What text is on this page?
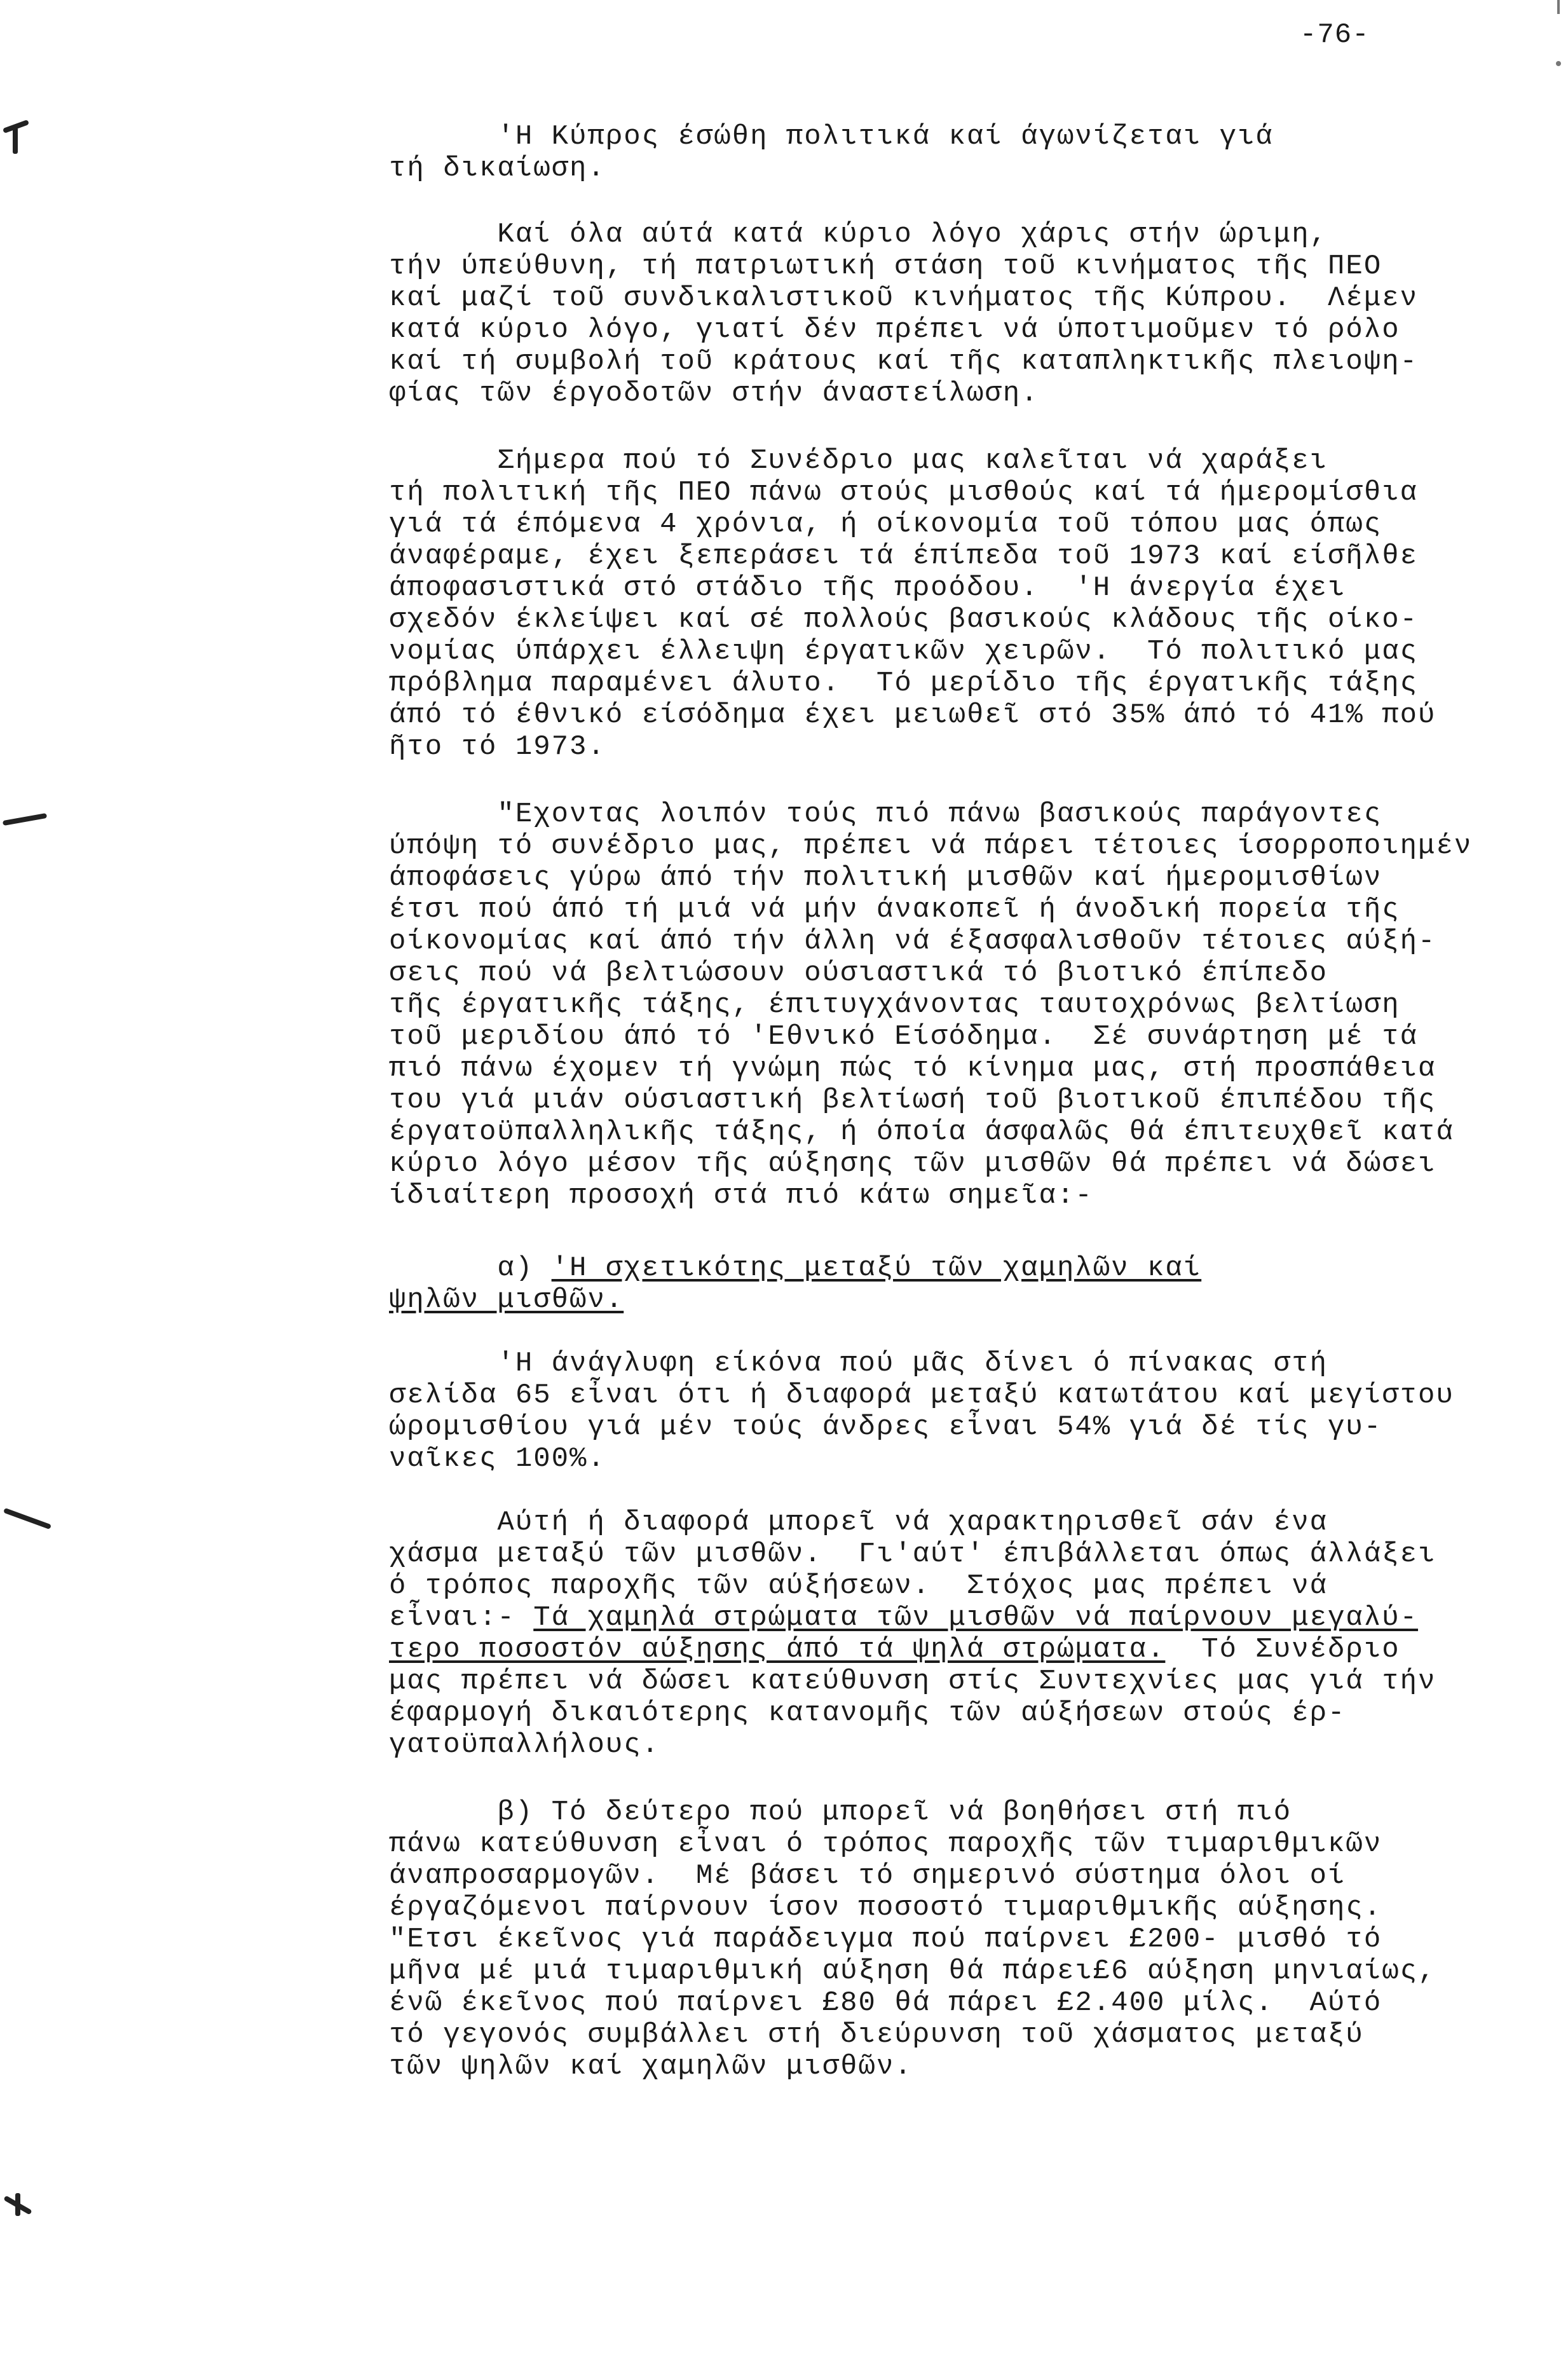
-76-

'Η Κύπρος έσώθη πολιτικά καί άγωνίζεται γιά
τή δικαίωση.

Καί όλα αύτά κατά κύριο λόγο χάρις στήν ώριμη,
τήν ύπεύθυνη, τή πατριωτική στάση τοῦ κινήματος τῆς ΠΕΟ
καί μαζί τοῦ συνδικαλιστικοῦ κινήματος τῆς Κύπρου.  Λέμεν
κατά κύριο λόγο, γιατί δέν πρέπει νά ύποτιμοῦμεν τό ρόλο
καί τή συμβολή τοῦ κράτους καί τῆς καταπληκτικῆς πλειοψη-
φίας τῶν έργοδοτῶν στήν άναστείλωση.

Σήμερα πού τό Συνέδριο μας καλεῖται νά χαράξει
τή πολιτική τῆς ΠΕΟ πάνω στούς μισθούς καί τά ήμερομίσθια
γιά τά έπόμενα 4 χρόνια, ή οίκονομία τοῦ τόπου μας όπως
άναφέραμε, έχει ξεπεράσει τά έπίπεδα τοῦ 1973 καί είσῆλθε
άποφασιστικά στό στάδιο τῆς προόδου.  'Η άνεργία έχει
σχεδόν έκλείψει καί σέ πολλούς βασικούς κλάδους τῆς οίκο-
νομίας ύπάρχει έλλειψη έργατικῶν χειρῶν.  Τό πολιτικό μας
πρόβλημα παραμένει άλυτο.  Τό μερίδιο τῆς έργατικῆς τάξης
άπό τό έθνικό είσόδημα έχει μειωθεῖ στό 35% άπό τό 41% πού
ῆτο τό 1973.

"Εχοντας λοιπόν τούς πιό πάνω βασικούς παράγοντες
ύπόψη τό συνέδριο μας, πρέπει νά πάρει τέτοιες ίσορροποιημέν
άποφάσεις γύρω άπό τήν πολιτική μισθῶν καί ήμερομισθίων
έτσι πού άπό τή μιά νά μήν άνακοπεῖ ή άνοδική πορεία τῆς
οίκονομίας καί άπό τήν άλλη νά έξασφαλισθοῦν τέτοιες αύξή-
σεις πού νά βελτιώσουν ούσιαστικά τό βιοτικό έπίπεδο
τῆς έργατικῆς τάξης, έπιτυγχάνοντας ταυτοχρόνως βελτίωση
τοῦ μεριδίου άπό τό 'Εθνικό Είσόδημα.  Σέ συνάρτηση μέ τά
πιό πάνω έχομεν τή γνώμη πώς τό κίνημα μας, στή προσπάθεια
του γιά μιάν ούσιαστική βελτίωσή τοῦ βιοτικοῦ έπιπέδου τῆς
έργατοϋπαλληλικῆς τάξης, ή όποία άσφαλῶς θά έπιτευχθεῖ κατά
κύριο λόγο μέσον τῆς αύξησης τῶν μισθῶν θά πρέπει νά δώσει
ίδιαίτερη προσοχή στά πιό κάτω σημεῖα:-

α) 'Η σχετικότης μεταξύ τῶν χαμηλῶν καί
ψηλῶν μισθῶν.

'Η άνάγλυφη είκόνα πού μᾶς δίνει ό πίνακας στή
σελίδα 65 εἶναι ότι ή διαφορά μεταξύ κατωτάτου καί μεγίστου
ώρομισθίου γιά μέν τούς άνδρες εἶναι 54% γιά δέ τίς γυ-
ναῖκες 100%.

Αύτή ή διαφορά μπορεῖ νά χαρακτηρισθεῖ σάν ένα
χάσμα μεταξύ τῶν μισθῶν.  Γι'αύτ' έπιβάλλεται όπως άλλάξει
ό τρόπος παροχῆς τῶν αύξήσεων.  Στόχος μας πρέπει νά
εἶναι:- Τά χαμηλά στρώματα τῶν μισθῶν νά παίρνουν μεγαλύ-
τερο ποσοστόν αύξησης άπό τά ψηλά στρώματα.  Τό Συνέδριο
μας πρέπει νά δώσει κατεύθυνση στίς Συντεχνίες μας γιά τήν
έφαρμογή δικαιότερης κατανομῆς τῶν αύξήσεων στούς έρ-
γατοϋπαλλήλους.

β) Τό δεύτερο πού μπορεῖ νά βοηθήσει στή πιό
πάνω κατεύθυνση εἶναι ό τρόπος παροχῆς τῶν τιμαριθμικῶν
άναπροσαρμογῶν.  Μέ βάσει τό σημερινό σύστημα όλοι οί
έργαζόμενοι παίρνουν ίσον ποσοστό τιμαριθμικῆς αύξησης.
"Ετσι έκεῖνος γιά παράδειγμα πού παίρνει £200- μισθό τό
μῆνα μέ μιά τιμαριθμική αύξηση θά πάρει£6 αύξηση μηνιαίως,
ένῶ έκεῖνος πού παίρνει £80 θά πάρει £2.400 μίλς.  Αύτό
τό γεγονός συμβάλλει στή διεύρυνση τοῦ χάσματος μεταξύ
τῶν ψηλῶν καί χαμηλῶν μισθῶν.
